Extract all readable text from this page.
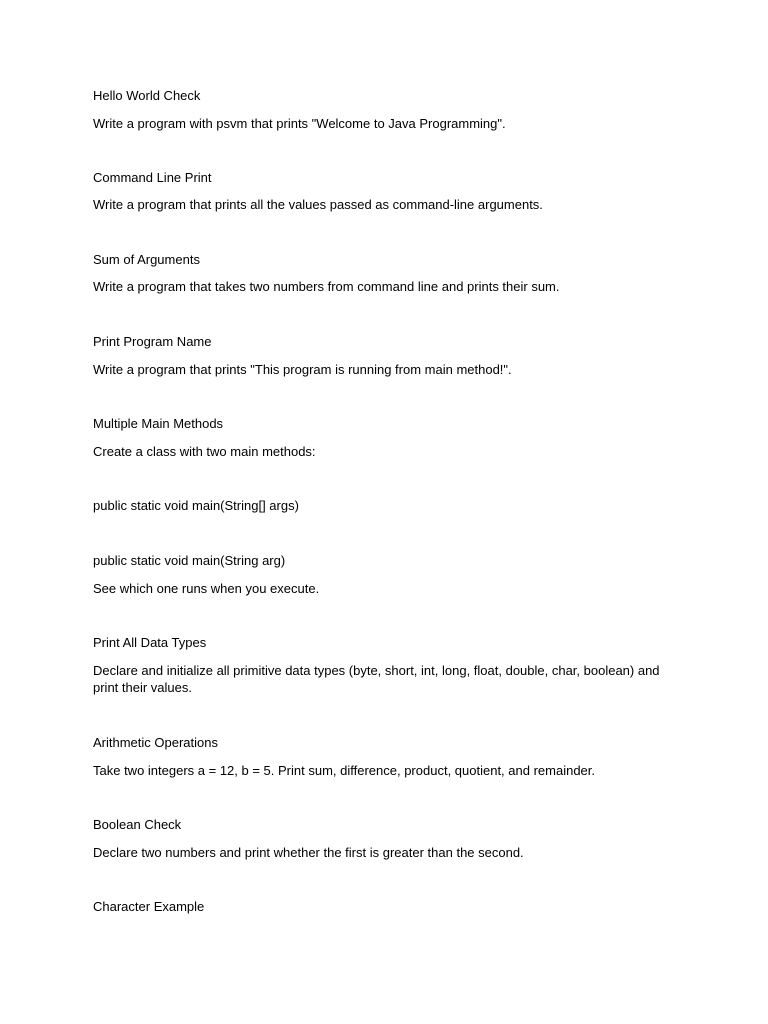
Hello World Check
Write a program with psvm that prints "Welcome to Java Programming".
Command Line Print
Write a program that prints all the values passed as command-line arguments.
Sum of Arguments
Write a program that takes two numbers from command line and prints their sum.
Print Program Name
Write a program that prints "This program is running from main method!".
Multiple Main Methods
Create a class with two main methods:
public static void main(String[] args)
public static void main(String arg)
See which one runs when you execute.
Print All Data Types
Declare and initialize all primitive data types (byte, short, int, long, float, double, char, boolean) and print their values.
Arithmetic Operations
Take two integers a = 12, b = 5. Print sum, difference, product, quotient, and remainder.
Boolean Check
Declare two numbers and print whether the first is greater than the second.
Character Example
